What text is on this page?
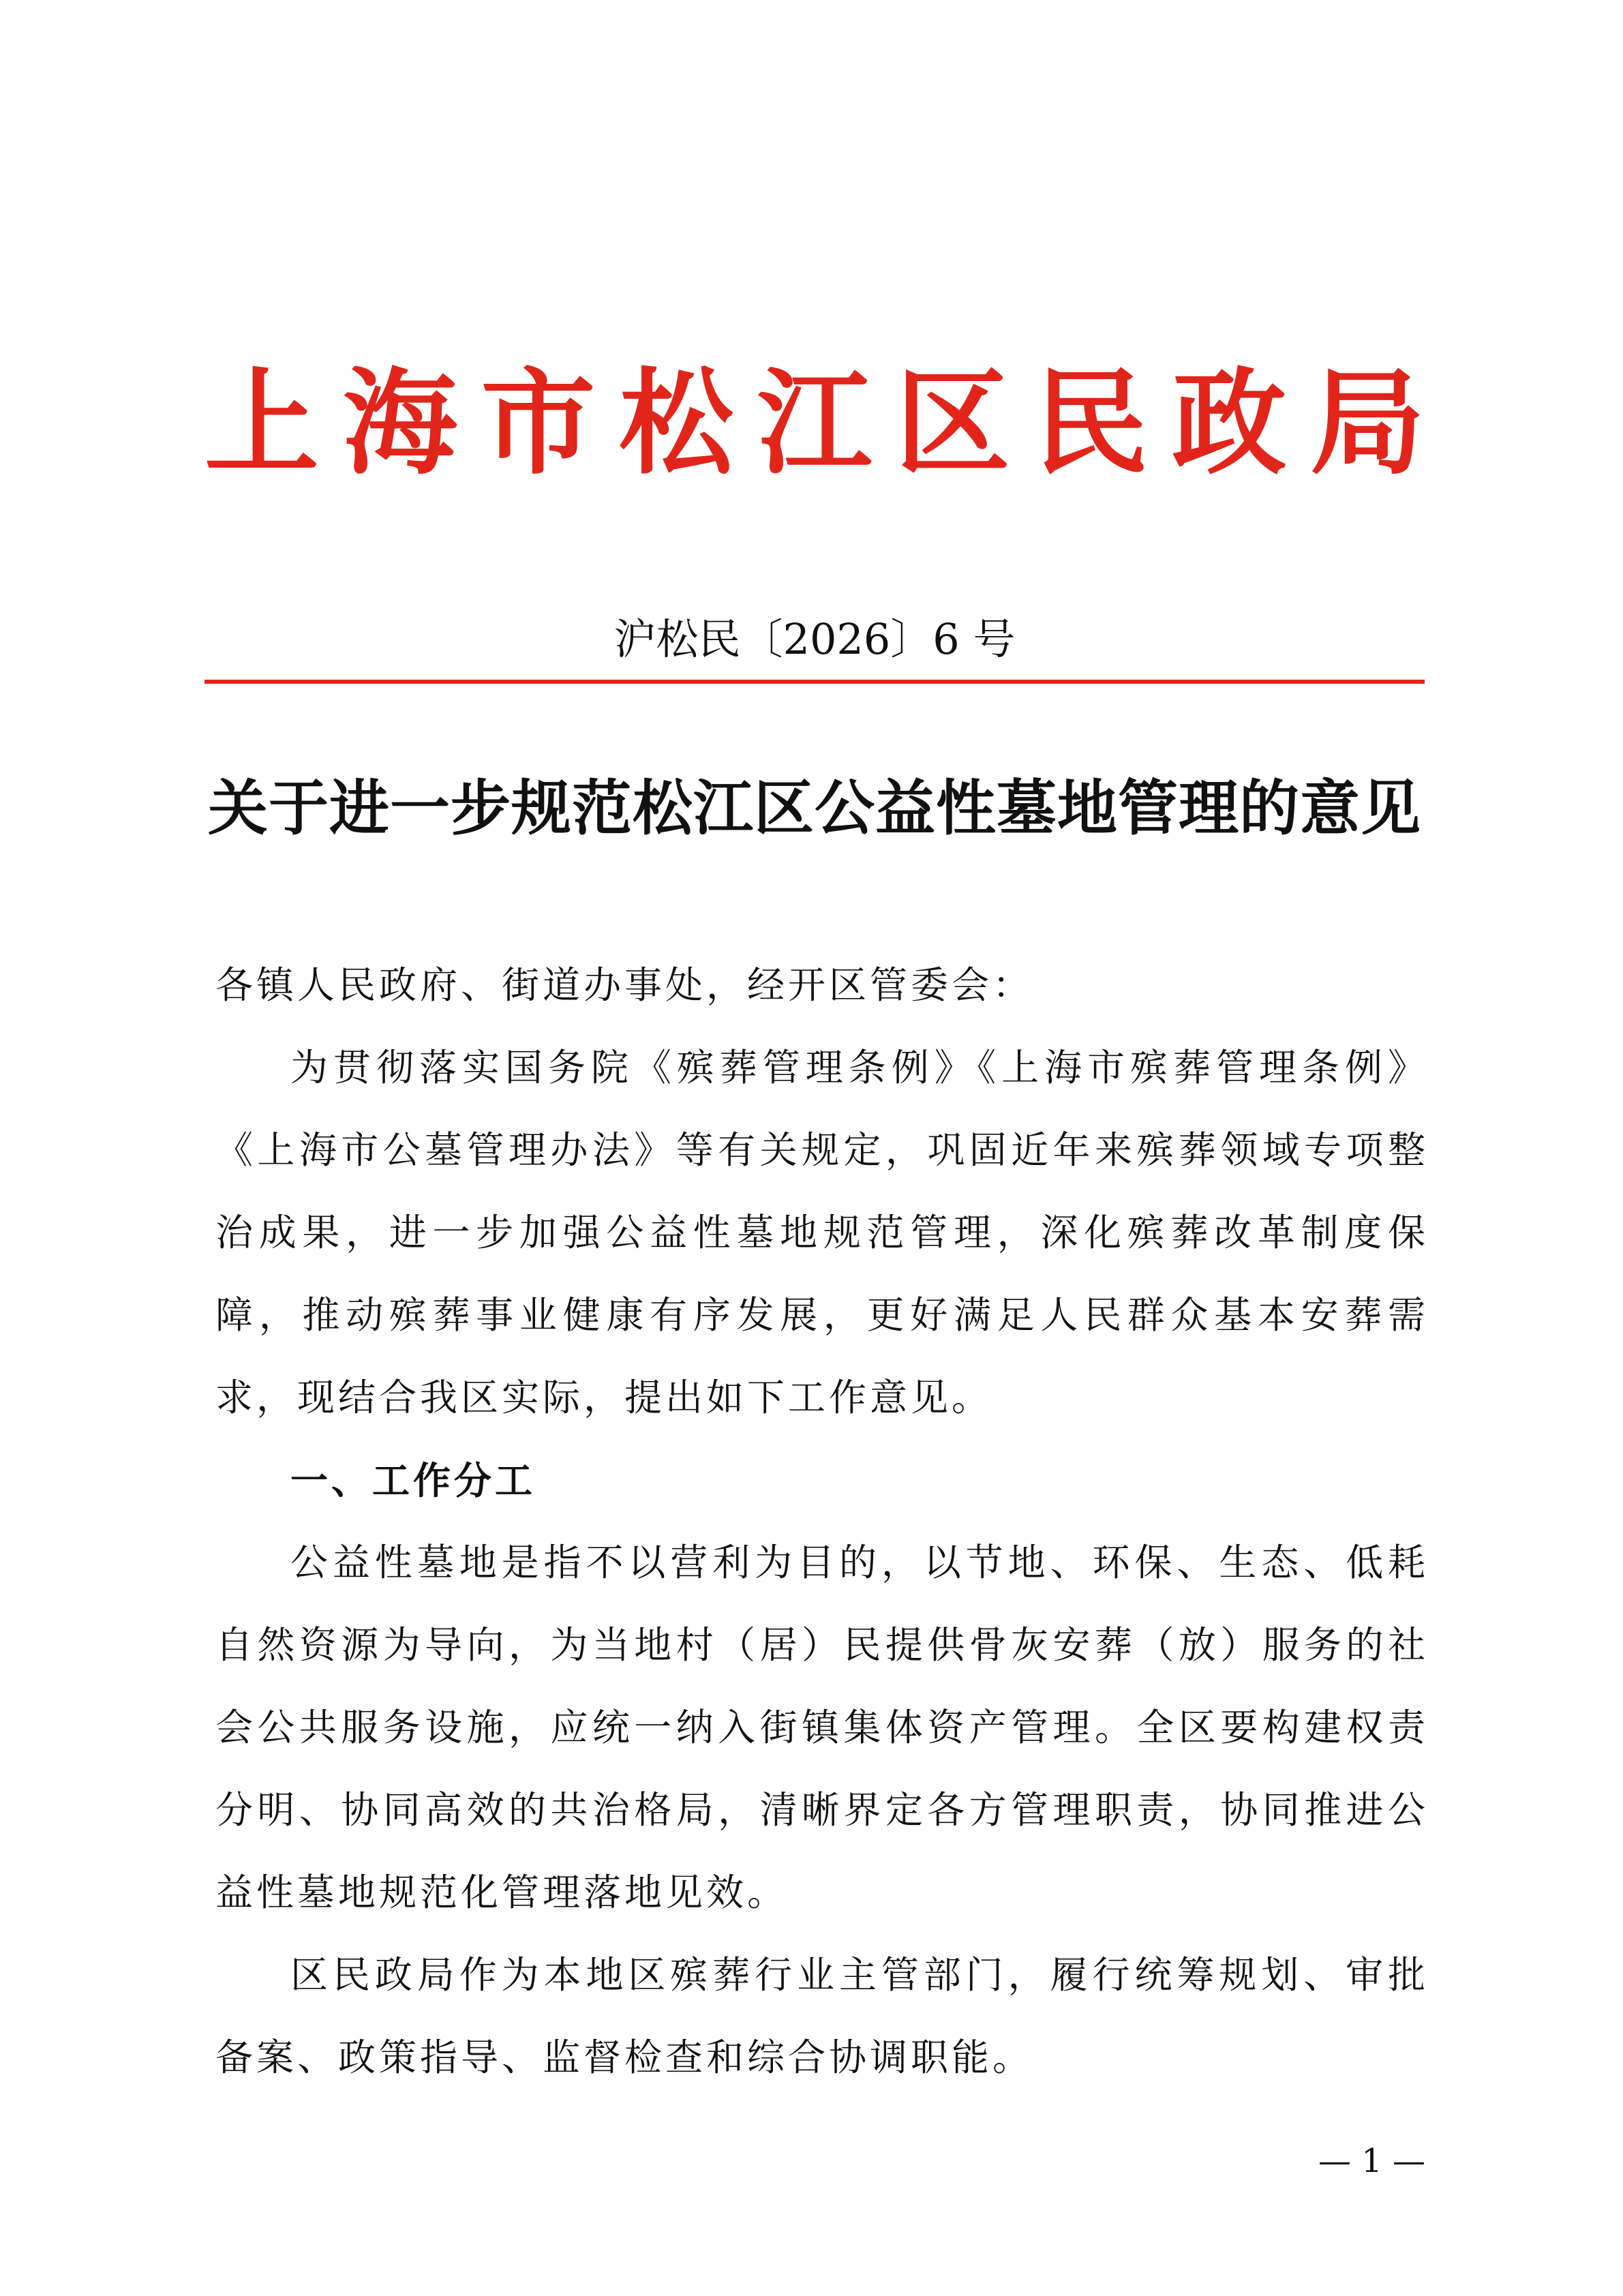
上 海 市 松 江 区 民 政 局
沪松民〔2026〕6 号
关于进一步规范松江区公益性墓地管理的意见

各镇人民政府、街道办事处，经开区管委会：

为贯彻落实国务院《殡葬管理条例》《上海市殡葬管理条例》《上海市公墓管理办法》等有关规定，巩固近年来殡葬领域专项整治成果，进一步加强公益性墓地规范管理，深化殡葬改革制度保障，推动殡葬事业健康有序发展，更好满足人民群众基本安葬需求，现结合我区实际，提出如下工作意见。

一、工作分工

公益性墓地是指不以营利为目的，以节地、环保、生态、低耗自然资源为导向，为当地村（居）民提供骨灰安葬（放）服务的社会公共服务设施，应统一纳入街镇集体资产管理。全区要构建权责分明、协同高效的共治格局，清晰界定各方管理职责，协同推进公益性墓地规范化管理落地见效。

区民政局作为本地区殡葬行业主管部门，履行统筹规划、审批备案、政策指导、监督检查和综合协调职能。

— 1 —
